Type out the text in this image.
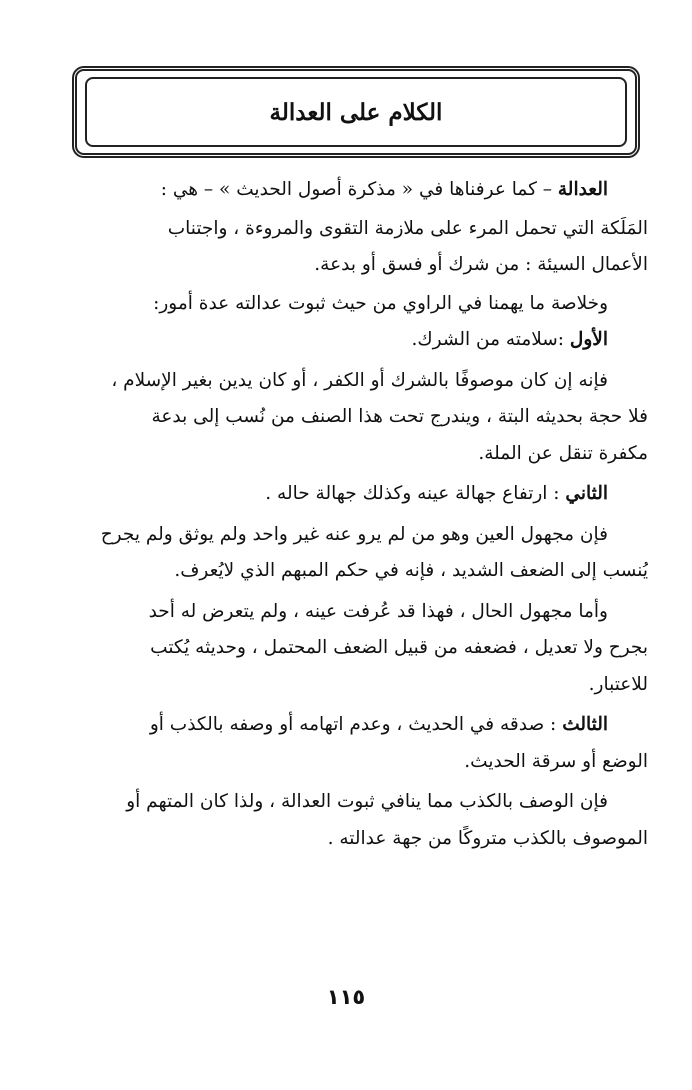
الكلام على العدالة
العدالة – كما عرفناها في « مذكرة أصول الحديث » – هي :
المَلَكة التي تحمل المرء على ملازمة التقوى والمروءة ، واجتناب
الأعمال السيئة : من شرك أو فسق أو بدعة.
وخلاصة ما يهمنا في الراوي من حيث ثبوت عدالته عدة أمور:
الأول :سلامته من الشرك.
فإنه إن كان موصوفًا بالشرك أو الكفر ، أو كان يدين بغير الإسلام ،
فلا حجة بحديثه البتة ، ويندرج تحت هذا الصنف من نُسب إلى بدعة
مكفرة تنقل عن الملة.
الثاني : ارتفاع جهالة عينه وكذلك جهالة حاله .
فإن مجهول العين وهو من لم يرو عنه غير واحد ولم يوثق ولم يجرح
يُنسب إلى الضعف الشديد ، فإنه في حكم المبهم الذي لايُعرف.
وأما مجهول الحال ، فهذا قد عُرفت عينه ، ولم يتعرض له أحد
بجرح ولا تعديل ، فضعفه من قبيل الضعف المحتمل ، وحديثه يُكتب
للاعتبار.
الثالث : صدقه في الحديث ، وعدم اتهامه أو وصفه بالكذب أو
الوضع أو سرقة الحديث.
فإن الوصف بالكذب مما ينافي ثبوت العدالة ، ولذا كان المتهم أو
الموصوف بالكذب متروكًا من جهة عدالته .
١١٥
